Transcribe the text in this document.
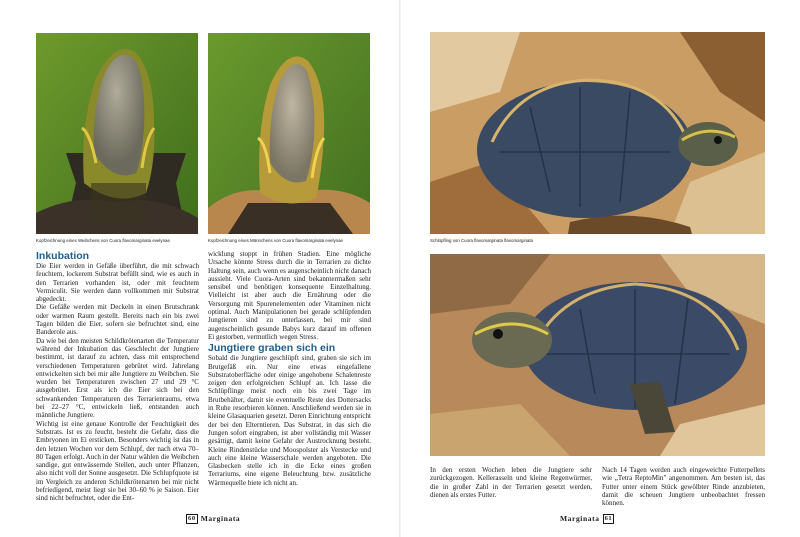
Kopfzeichnung eines Weibchens von Cuora flavomarginata evelynae	Kopfzeichnung eines Männchens von Cuora flavomarginata evelynae
Inkubation

Die Eier werden in Gefäße überführt, die mit schwach feuchtem, lockerem Substrat befüllt sind, wie es auch in den Terrarien vorhanden ist, oder mit feuchtem Vermiculit. Sie werden dann vollkommen mit Substrat abgedeckt.

Die Gefäße werden mit Deckeln in einen Brutschrank oder warmen Raum gestellt. Bereits nach ein bis zwei Tagen bilden die Eier, sofern sie befruchtet sind, eine Banderole aus.

Da wie bei den meisten Schildkrötenarten die Temperatur während der Inkubation das Geschlecht der Jungtiere bestimmt, ist darauf zu achten, dass mit entsprechend verschiedenen Temperaturen gebrütet wird. Jahrelang entwickelten sich bei mir alle Jungtiere zu Weibchen. Sie wurden bei Temperaturen zwischen 27 und 29 °C ausgebrütet. Erst als ich die Eier sich bei den schwankenden Temperaturen des Terrarienraums, etwa bei 22–27 °C, entwickeln ließ, entstanden auch männliche Jungtiere.

Wichtig ist eine genaue Kontrolle der Feuchtigkeit des Substrats. Ist es zu feucht, besteht die Gefahr, dass die Embryonen im Ei ersticken. Besonders wichtig ist das in den letzten Wochen vor dem Schlupf, der nach etwa 70–80 Tagen erfolgt. Auch in der Natur wählen die Weibchen sandige, gut entwässernde Stellen, auch unter Pflanzen, also nicht voll der Sonne ausgesetzt. Die Schlupfquote ist im Vergleich zu anderen Schildkrötenarten bei mir nicht befriedigend, meist liegt sie bei 30–60 % je Saison. Eier sind nicht befruchtet, oder die Ent-

wicklung stoppt in frühen Stadien. Eine mögliche Ursache könnte Stress durch die in Terrarien zu dichte Haltung sein, auch wenn es augenscheinlich nicht danach aussieht. Viele Cuora-Arten sind bekanntermaßen sehr sensibel und benötigen konsequente Einzelhaltung. Vielleicht ist aber auch die Ernährung oder die Versorgung mit Spurenelementen oder Vitaminen nicht optimal. Auch Manipulationen bei gerade schlüpfenden Jungtieren sind zu unterlassen, bei mir sind augenscheinlich gesunde Babys kurz darauf im offenen Ei gestorben, vermutlich wegen Stress.

Jungtiere graben sich ein

Sobald die Jungtiere geschlüpft sind, graben sie sich im Brutgefäß ein. Nur eine etwas eingefallene Substratoberfläche oder einige angehobene Schalenreste zeigen den erfolgreichen Schlupf an. Ich lasse die Schlüpflinge meist noch ein bis zwei Tage im Brutbehälter, damit sie eventuelle Reste des Dottersacks in Ruhe resorbieren können. Anschließend werden sie in kleine Glasaquarien gesetzt. Deren Einrichtung entspricht der bei den Elterntieren. Das Substrat, in das sich die Jungen sofort eingraben, ist aber vollständig mit Wasser gesättigt, damit keine Gefahr der Austrocknung besteht. Kleine Rindenstücke und Moospolster als Verstecke und auch eine kleine Wasserschale werden angeboten. Die Glasbecken stelle ich in die Ecke eines großen Terrariums, eine eigene Beleuchtung bzw. zusätzliche Wärmequelle biete ich nicht an.

60 Marginata
Schlüpfling von Cuora flavomarginata flavomarginata

In den ersten Wochen leben die Jungtiere sehr zurückgezogen. Kellerasseln und kleine Regenwürmer, die in großer Zahl in der Terrarien gesetzt werden, dienen als erstes Futter.

Nach 14 Tagen werden auch eingeweichte Futterpellets wie „Tetra ReptoMin" angenommen. Am besten ist, das Futter unter einem Stück gewölbter Rinde anzubieten, damit die scheuen Jungtiere unbeobachtet fressen können.

Marginata 61
